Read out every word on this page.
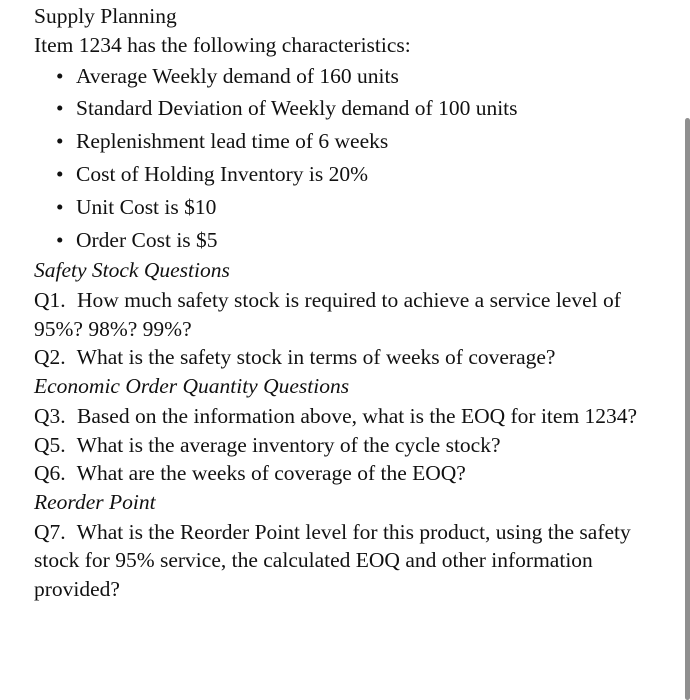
Supply Planning
Item 1234 has the following characteristics:
• Average Weekly demand of 160 units
• Standard Deviation of Weekly demand of 100 units
• Replenishment lead time of 6 weeks
• Cost of Holding Inventory is 20%
• Unit Cost is $10
• Order Cost is $5
Safety Stock Questions
Q1. How much safety stock is required to achieve a service level of 95%? 98%? 99%?
Q2. What is the safety stock in terms of weeks of coverage?
Economic Order Quantity Questions
Q3. Based on the information above, what is the EOQ for item 1234?
Q5. What is the average inventory of the cycle stock?
Q6. What are the weeks of coverage of the EOQ?
Reorder Point
Q7. What is the Reorder Point level for this product, using the safety stock for 95% service, the calculated EOQ and other information provided?
